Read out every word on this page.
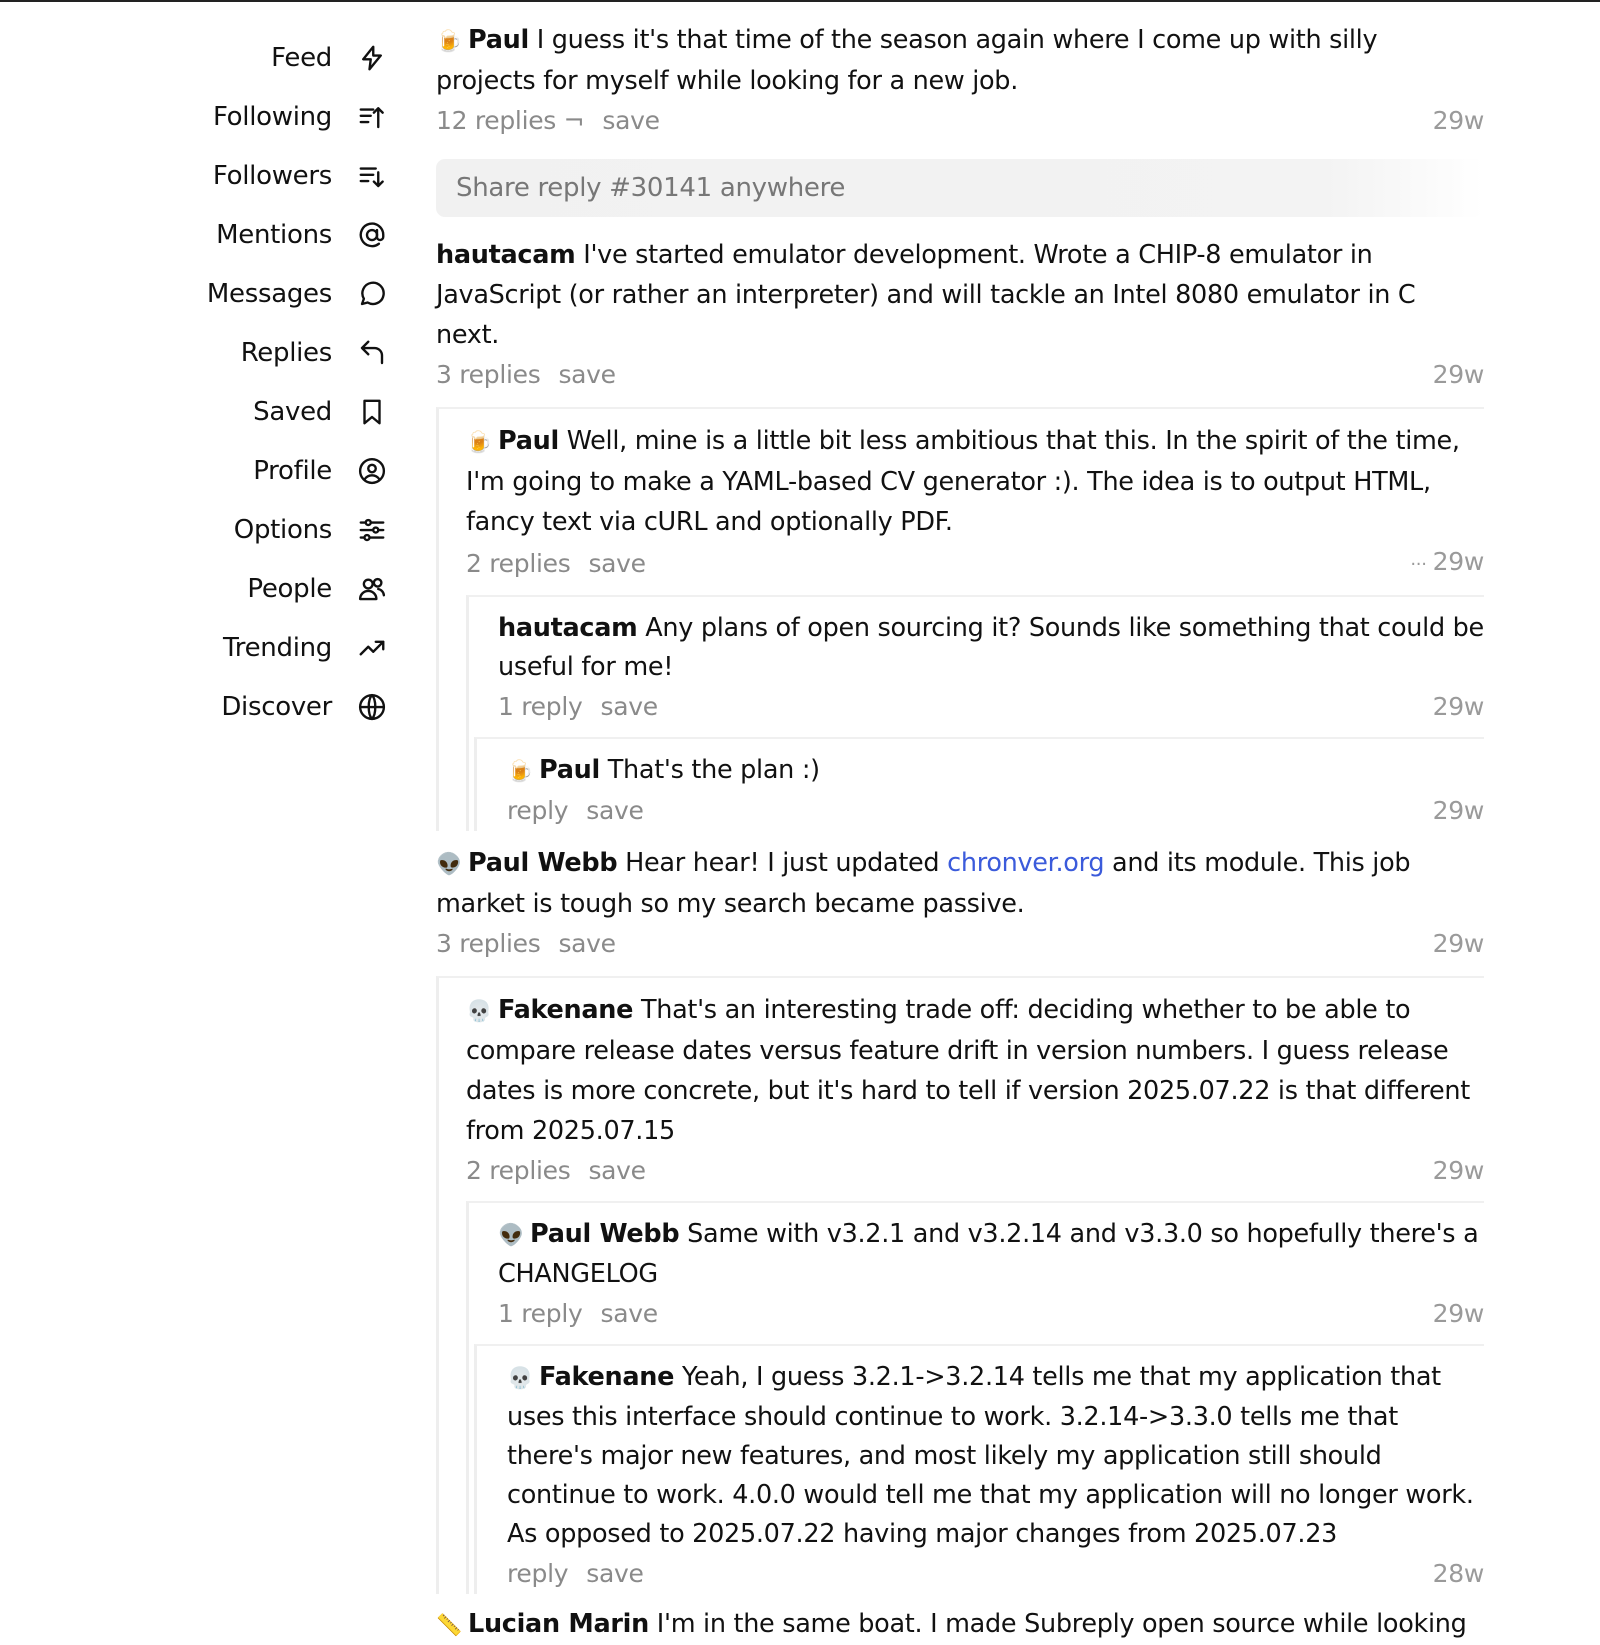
Feed
Following
Followers
Mentions
Messages
Replies
Saved
Profile
Options
People
Trending
Discover
🍺 Paul I guess it's that time of the season again where I come up with silly projects for myself while looking for a new job.
12 replies ¬ save	29w
Share reply #30141 anywhere
hautacam I've started emulator development. Wrote a CHIP-8 emulator in JavaScript (or rather an interpreter) and will tackle an Intel 8080 emulator in C next.
3 replies save	29w
🍺 Paul Well, mine is a little bit less ambitious that this. In the spirit of the time, I'm going to make a YAML-based CV generator :). The idea is to output HTML, fancy text via cURL and optionally PDF.
2 replies save	··· 29w
hautacam Any plans of open sourcing it? Sounds like something that could be useful for me!
1 reply save	29w
🍺 Paul That's the plan :)
reply save	29w
👽 Paul Webb Hear hear! I just updated chronver.org and its module. This job market is tough so my search became passive.
3 replies save	29w
💀 Fakenane That's an interesting trade off: deciding whether to be able to compare release dates versus feature drift in version numbers. I guess release dates is more concrete, but it's hard to tell if version 2025.07.22 is that different from 2025.07.15
2 replies save	29w
👽 Paul Webb Same with v3.2.1 and v3.2.14 and v3.3.0 so hopefully there's a CHANGELOG
1 reply save	29w
💀 Fakenane Yeah, I guess 3.2.1->3.2.14 tells me that my application that uses this interface should continue to work. 3.2.14->3.3.0 tells me that there's major new features, and most likely my application still should continue to work. 4.0.0 would tell me that my application will no longer work. As opposed to 2025.07.22 having major changes from 2025.07.23
reply save	28w
📏 Lucian Marin I'm in the same boat. I made Subreply open source while looking
